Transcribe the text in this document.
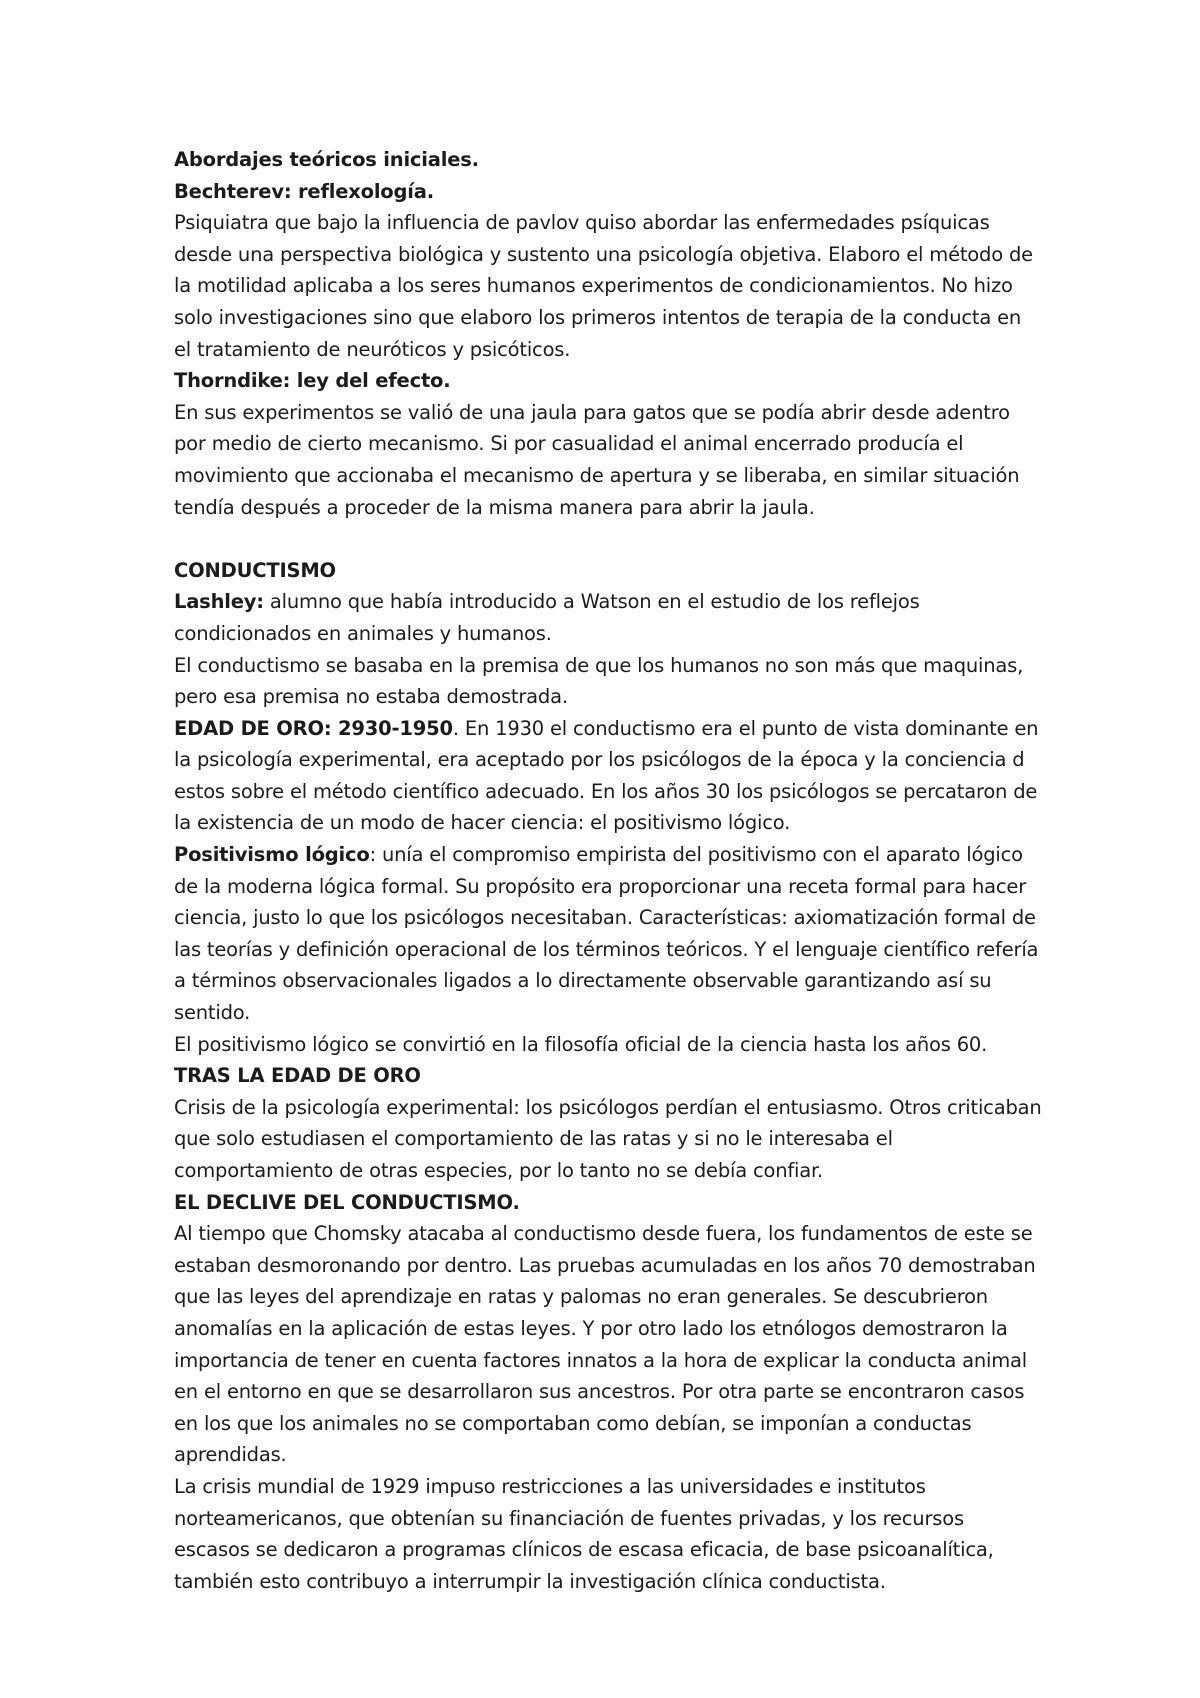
Abordajes teóricos iniciales.

Bechterev: reflexología.

Psiquiatra que bajo la influencia de pavlov quiso abordar las enfermedades psíquicas desde una perspectiva biológica y sustento una psicología objetiva. Elaboro el método de la motilidad aplicaba a los seres humanos experimentos de condicionamientos. No hizo solo investigaciones sino que elaboro los primeros intentos de terapia de la conducta en el tratamiento de neuróticos y psicóticos.

Thorndike: ley del efecto.

En sus experimentos se valió de una jaula para gatos que se podía abrir desde adentro por medio de cierto mecanismo. Si por casualidad el animal encerrado producía el movimiento que accionaba el mecanismo de apertura y se liberaba, en similar situación tendía después a proceder de la misma manera para abrir la jaula.

CONDUCTISMO

Lashley: alumno que había introducido a Watson en el estudio de los reflejos condicionados en animales y humanos.

El conductismo se basaba en la premisa de que los humanos no son más que maquinas, pero esa premisa no estaba demostrada.

EDAD DE ORO: 2930-1950. En 1930 el conductismo era el punto de vista dominante en la psicología experimental, era aceptado por los psicólogos de la época y la conciencia d estos sobre el método científico adecuado. En los años 30 los psicólogos se percataron de la existencia de un modo de hacer ciencia: el positivismo lógico.

Positivismo lógico: unía el compromiso empirista del positivismo con el aparato lógico de la moderna lógica formal. Su propósito era proporcionar una receta formal para hacer ciencia, justo lo que los psicólogos necesitaban. Características: axiomatización formal de las teorías y definición operacional de los términos teóricos. Y el lenguaje científico refería a términos observacionales ligados a lo directamente observable garantizando así su sentido.

El positivismo lógico se convirtió en la filosofía oficial de la ciencia hasta los años 60.

TRAS LA EDAD DE ORO

Crisis de la psicología experimental: los psicólogos perdían el entusiasmo. Otros criticaban que solo estudiasen el comportamiento de las ratas y si no le interesaba el comportamiento de otras especies, por lo tanto no se debía confiar.

EL DECLIVE DEL CONDUCTISMO.

Al tiempo que Chomsky atacaba al conductismo desde fuera, los fundamentos de este se estaban desmoronando por dentro. Las pruebas acumuladas en los años 70 demostraban que las leyes del aprendizaje en ratas y palomas no eran generales. Se descubrieron anomalías en la aplicación de estas leyes. Y por otro lado los etnólogos demostraron la importancia de tener en cuenta factores innatos a la hora de explicar la conducta animal en el entorno en que se desarrollaron sus ancestros. Por otra parte se encontraron casos en los que los animales no se comportaban como debían, se imponían a conductas aprendidas.

La crisis mundial de 1929 impuso restricciones a las universidades e institutos norteamericanos, que obtenían su financiación de fuentes privadas, y los recursos escasos se dedicaron a programas clínicos de escasa eficacia, de base psicoanalítica, también esto contribuyo a interrumpir la investigación clínica conductista.
